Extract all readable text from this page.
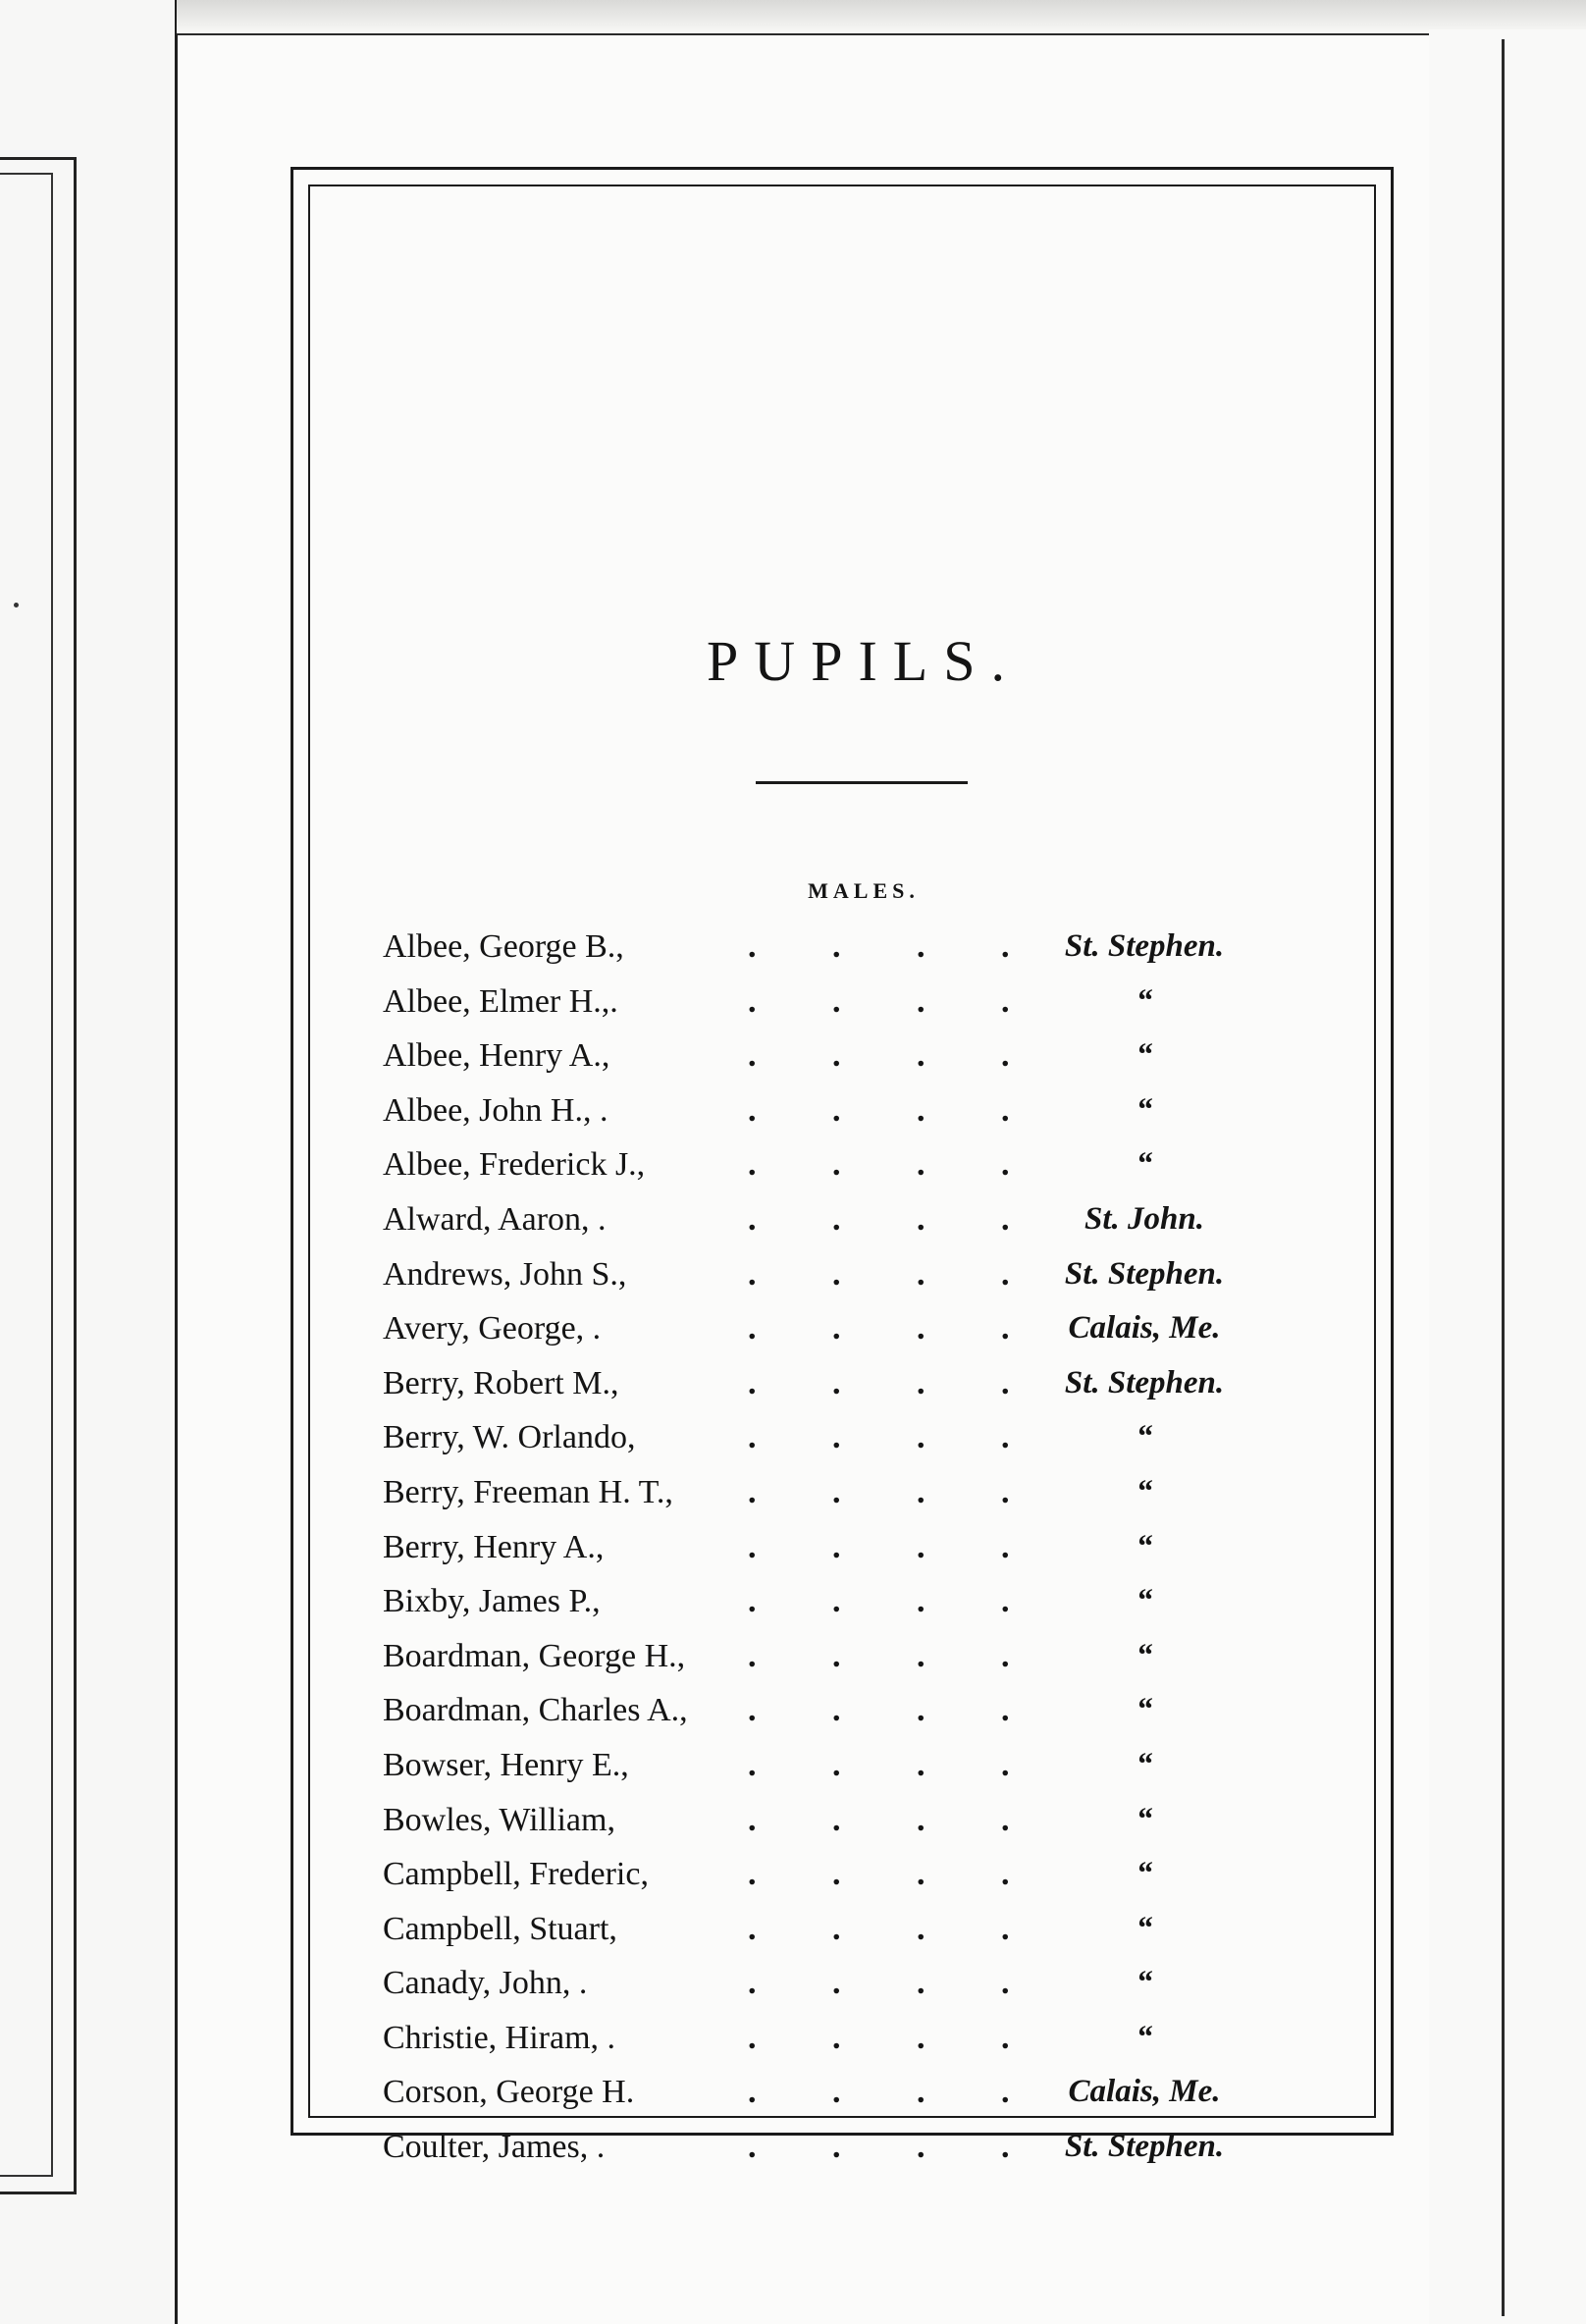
PUPILS.
MALES.
Albee, George B.,	. . . .	St. Stephen.
Albee, Elmer H.,.	. . . .	“
Albee, Henry A.,	. . . .	“
Albee, John H., .	. . . .	“
Albee, Frederick J.,	. . . .	“
Alward, Aaron, .	. . . .	St. John.
Andrews, John S.,	. . . .	St. Stephen.
Avery, George, .	. . . .	Calais, Me.
Berry, Robert M.,	. . . .	St. Stephen.
Berry, W. Orlando,	. . . .	“
Berry, Freeman H. T., . . . .	“
Berry, Henry A.,	. . . .	“
Bixby, James P.,	. . . .	“
Boardman, George H., . . . .	“
Boardman, Charles A., . . . .	“
Bowser, Henry E.,	. . . .	“
Bowles, William,	. . . .	“
Campbell, Frederic,	. . . .	“
Campbell, Stuart,	. . . .	“
Canady, John, .	. . . .	“
Christie, Hiram, .	. . . .	“
Corson, George H.	. . . .	Calais, Me.
Coulter, James, .	. . . .	St. Stephen.
